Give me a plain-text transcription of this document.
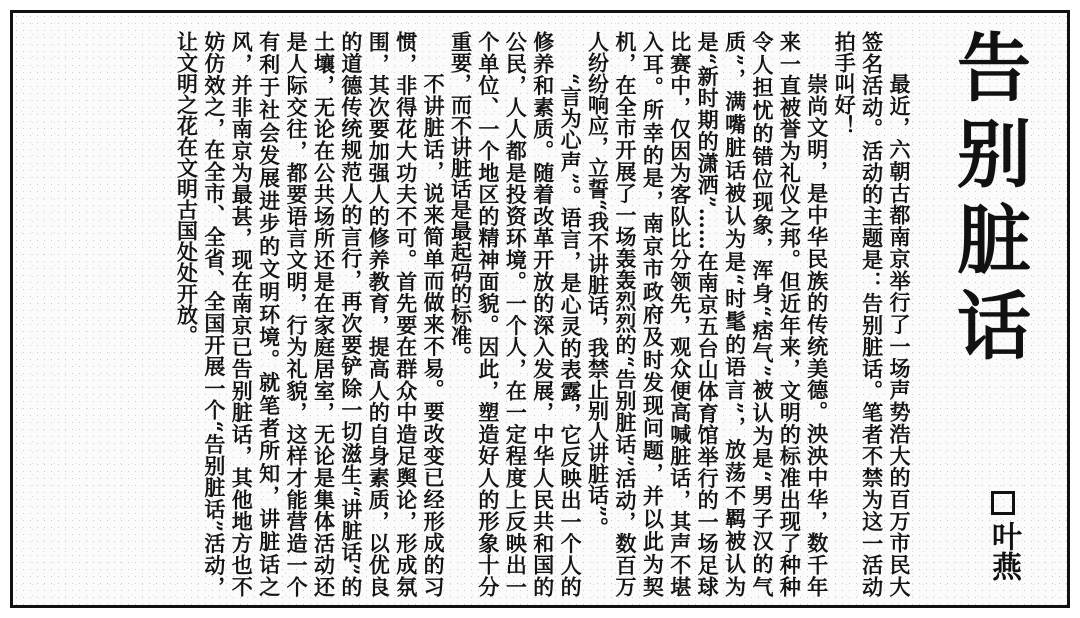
告别脏话
叶燕

最近，六朝古都南京举行了一场声势浩大的百万市民大签名活动。活动的主题是：告别脏话。笔者不禁为这一活动拍手叫好！

崇尚文明，是中华民族的传统美德。泱泱中华，数千年来一直被誉为礼仪之邦。但近年来，文明的标准出现了种种令人担忧的错位现象，浑身“痞气”被认为是“男子汉的气质”，满嘴脏话被认为是“时髦的语言”，放荡不羁被认为是“新时期的潇洒”……在南京五台山体育馆举行的一场足球比赛中，仅因为客队比分领先，观众便高喊脏话，其声不堪入耳。所幸的是，南京市政府及时发现问题，并以此为契机，在全市开展了一场轰轰烈烈的“告别脏话”活动，数百万人纷纷响应，立誓“我不讲脏话，我禁止别人讲脏话”。

“言为心声”。语言，是心灵的表露，它反映出一个人的修养和素质。随着改革开放的深入发展，中华人民共和国的公民，人人都是投资环境。一个人，在一定程度上反映出一个单位、一个地区的精神面貌。因此，塑造好人的形象十分重要，而不讲脏话是最起码的标准。

不讲脏话，说来简单而做来不易。要改变已经形成的习惯，非得花大功夫不可。首先要在群众中造足舆论，形成氛围，其次要加强人的修养教育，提高人的自身素质，以优良的道德传统规范人的言行，再次要铲除一切滋生“讲脏话”的土壤，无论在公共场所还是在家庭居室，无论是集体活动还是人际交往，都要语言文明，行为礼貌，这样才能营造一个有利于社会发展进步的文明环境。就笔者所知，讲脏话之风，并非南京为最甚，现在南京已告别脏话，其他地方也不妨仿效之，在全市、全省、全国开展一个“告别脏话”活动，让文明之花在文明古国处处开放。
